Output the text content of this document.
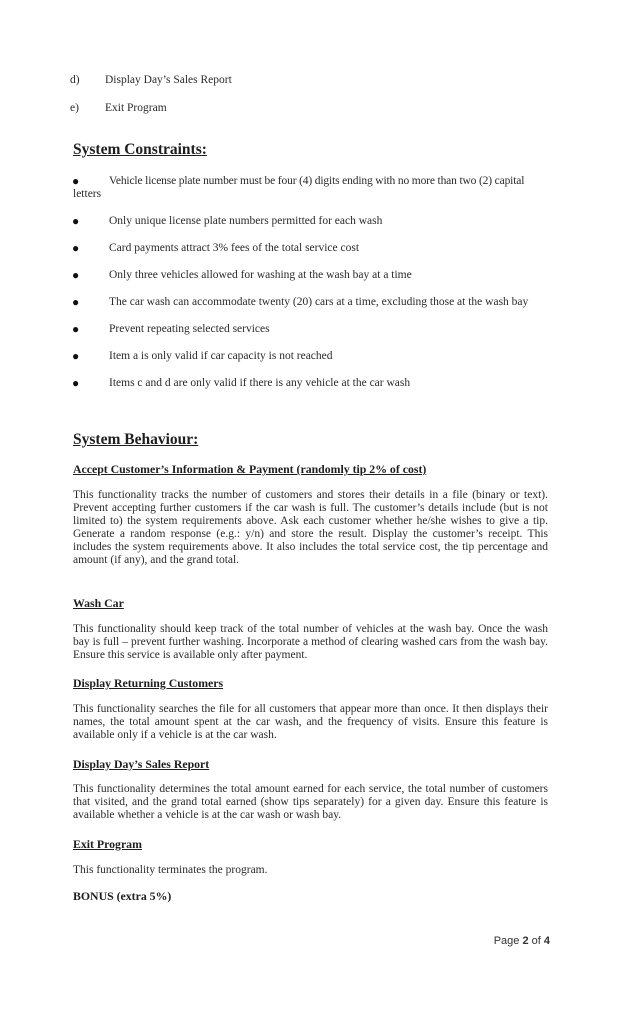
d) Display Day’s Sales Report
e) Exit Program
System Constraints:
●	Vehicle license plate number must be four (4) digits ending with no more than two (2) capital
letters
●	Only unique license plate numbers permitted for each wash
●	Card payments attract 3% fees of the total service cost
●	Only three vehicles allowed for washing at the wash bay at a time
●	The car wash can accommodate twenty (20) cars at a time, excluding those at the wash bay
●	Prevent repeating selected services
●	Item a is only valid if car capacity is not reached
●	Items c and d are only valid if there is any vehicle at the car wash
System Behaviour:
Accept Customer’s Information & Payment (randomly tip 2% of cost)
This functionality tracks the number of customers and stores their details in a file (binary or text). Prevent accepting further customers if the car wash is full. The customer’s details include (but is not limited to) the system requirements above. Ask each customer whether he/she wishes to give a tip. Generate a random response (e.g.: y/n) and store the result. Display the customer’s receipt. This includes the system requirements above. It also includes the total service cost, the tip percentage and amount (if any), and the grand total.
Wash Car
This functionality should keep track of the total number of vehicles at the wash bay. Once the wash bay is full – prevent further washing. Incorporate a method of clearing washed cars from the wash bay. Ensure this service is available only after payment.
Display Returning Customers
This functionality searches the file for all customers that appear more than once. It then displays their names, the total amount spent at the car wash, and the frequency of visits. Ensure this feature is available only if a vehicle is at the car wash.
Display Day’s Sales Report
This functionality determines the total amount earned for each service, the total number of customers that visited, and the grand total earned (show tips separately) for a given day. Ensure this feature is available whether a vehicle is at the car wash or wash bay.
Exit Program
This functionality terminates the program.
BONUS (extra 5%)
Page 2 of 4
